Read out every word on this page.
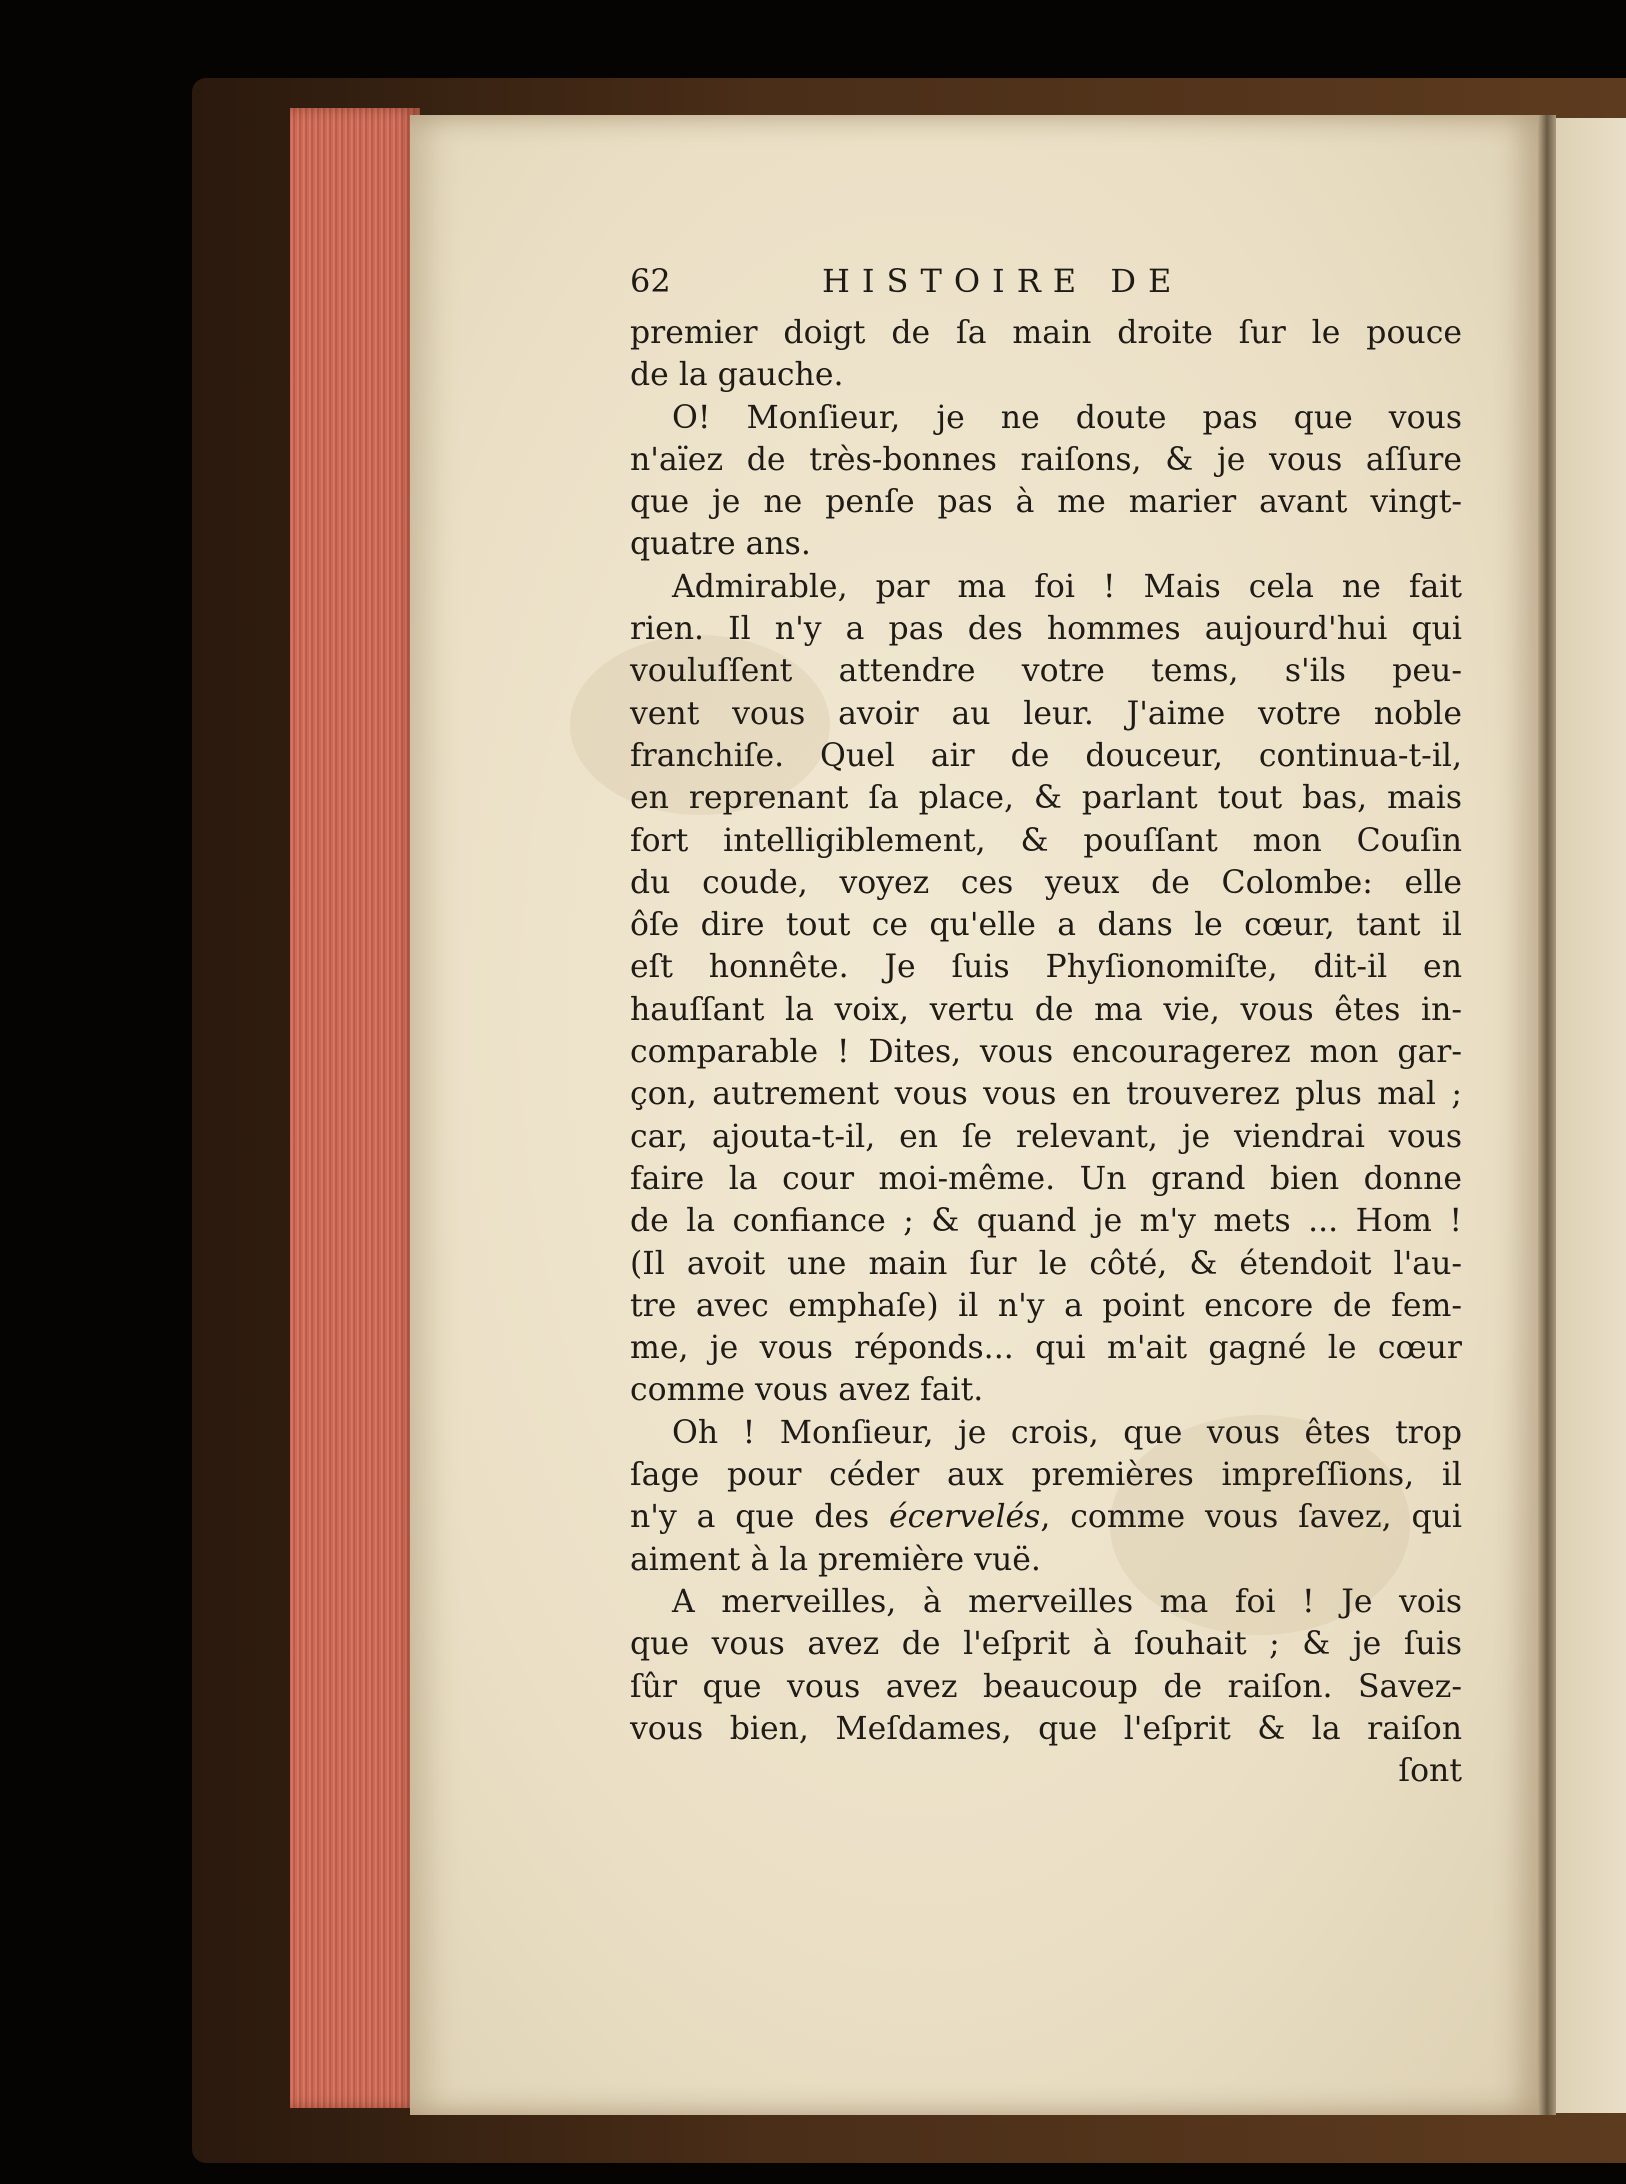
62	HISTOIRE DE
premier doigt de ſa main droite ſur le pouce
de la gauche.
O! Monſieur, je ne doute pas que vous
n'aïez de très-bonnes raiſons, & je vous aſſure
que je ne penſe pas à me marier avant vingt-
quatre ans.
Admirable, par ma foi ! Mais cela ne fait
rien. Il n'y a pas des hommes aujourd'hui qui
vouluſſent attendre votre tems, s'ils peu-
vent vous avoir au leur. J'aime votre noble
franchiſe. Quel air de douceur, continua-t-il,
en reprenant ſa place, & parlant tout bas, mais
fort intelligiblement, & pouſſant mon Couſin
du coude, voyez ces yeux de Colombe: elle
ôſe dire tout ce qu'elle a dans le cœur, tant il
eſt honnête. Je ſuis Phyſionomiſte, dit-il en
hauſſant la voix, vertu de ma vie, vous êtes in-
comparable ! Dites, vous encouragerez mon gar-
çon, autrement vous vous en trouverez plus mal ;
car, ajouta-t-il, en ſe relevant, je viendrai vous
faire la cour moi-même. Un grand bien donne
de la confiance ; & quand je m'y mets ... Hom !
(Il avoit une main ſur le côté, & étendoit l'au-
tre avec emphaſe) il n'y a point encore de fem-
me, je vous réponds... qui m'ait gagné le cœur
comme vous avez fait.
Oh ! Monſieur, je crois, que vous êtes trop
ſage pour céder aux premières impreſſions, il
n'y a que des écervelés, comme vous ſavez, qui
aiment à la première vuë.
A merveilles, à merveilles ma foi ! Je vois
que vous avez de l'eſprit à ſouhait ; & je ſuis
ſûr que vous avez beaucoup de raiſon. Savez-
vous bien, Meſdames, que l'eſprit & la raiſon
ſont
